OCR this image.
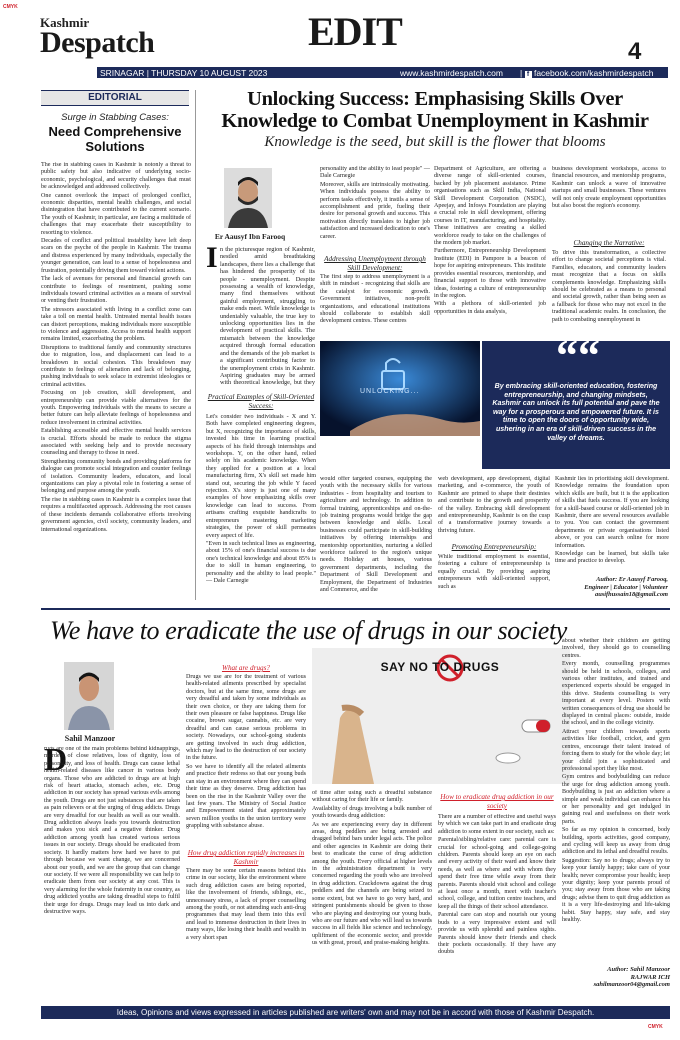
CMYK
Kashmir
Despatch	EDIT	4
SRINAGAR | THURSDAY 10 AUGUST 2023	www.kashmirdespatch.com | f facebook.com/kashmirdespatch
EDITORIAL
Surge in Stabbing Cases:
Need Comprehensive Solutions

The rise in stabbing cases in Kashmir is notonly a threat to public safety but also indicative of underlying socio-economic, psychological, and security challenges that must be acknowledged and addressed collectively.

One cannot overlook the impact of prolonged conflict, economic disparities, mental health challenges, and social disintegration that have contributed to the current scenario. The youth of Kashmir, in particular, are facing a multitude of challenges that may exacerbate their susceptibility to resorting to violence.

Decades of conflict and political instability have left deep scars on the psyche of the people in Kashmir. The trauma and distress experienced by many individuals, especially the younger generation, can lead to a sense of hopelessness and frustration, potentially driving them toward violent actions.

The lack of avenues for personal and financial growth can contribute to feelings of resentment, pushing some individuals toward criminal activities as a means of survival or venting their frustration.

The stressors associated with living in a conflict zone can take a toll on mental health. Untreated mental health issues can distort perceptions, making individuals more susceptible to violence and aggression. Access to mental health support remains limited, exacerbating the problem.

Disruptions to traditional family and community structures due to migration, loss, and displacement can lead to a breakdown in social cohesion. This breakdown may contribute to feelings of alienation and lack of belonging, pushing individuals to seek solace in extremist ideologies or criminal activities.

Focusing on job creation, skill development, and entrepreneurship can provide viable alternatives for the youth. Empowering individuals with the means to secure a better future can help alleviate feelings of hopelessness and reduce involvement in criminal activities.

Establishing accessible and effective mental health services is crucial. Efforts should be made to reduce the stigma associated with seeking help and to provide necessary counseling and therapy to those in need.

Strengthening community bonds and providing platforms for dialogue can promote social integration and counter feelings of isolation. Community leaders, educators, and local organizations can play a pivotal role in fostering a sense of belonging and purpose among the youth.

The rise in stabbing cases in Kashmir is a complex issue that requires a multifaceted approach. Addressing the root causes of these incidents demands collaborative efforts involving government agencies, civil society, community leaders, and international organizations.

Unlocking Success: Emphasising Skills Over Knowledge to Combat Unemployment in Kashmir
Knowledge is the seed, but skill is the flower that blooms
Er Aausyf Ibn Farooq
I n the picturesque region of Kashmir, nestled amid breathtaking landscapes, there lies a challenge that has hindered the prosperity of its people - unemployment. Despite possessing a wealth of knowledge, many find themselves without gainful employment, struggling to make ends meet. While knowledge is undeniably valuable, the true key to unlocking opportunities lies in the development of practical skills. The mismatch between the knowledge acquired through formal education and the demands of the job market is a significant contributing factor to the unemployment crisis in Kashmir. Aspiring graduates may be armed with theoretical knowledge, but they

Practical Examples of Skill-Oriented Success:

Let's consider two individuals - X and Y. Both have completed engineering degrees, but X, recognizing the importance of skills, invested his time in learning practical aspects of his field through internships and workshops. Y, on the other hand, relied solely on his academic knowledge. When they applied for a position at a local manufacturing firm, X's skill set made him stand out, securing the job while Y faced rejection. X's story is just one of many examples of how emphasizing skills over knowledge can lead to success. From artisans crafting exquisite handicrafts to entrepreneurs mastering marketing strategies, the power of skill permeates every aspect of life.

"Even in such technical lines as engineering, about 15% of one's financial success is due one's technical knowledge and about 85% is due to skill in human engineering, to personality and the ability to lead people." — Dale Carnegie

personality and the ability to lead people" — Dale Carnegie

Moreover, skills are intrinsically motivating. When individuals possess the ability to perform tasks effectively, it instils a sense of accomplishment and pride, fueling their desire for personal growth and success. This motivation directly translates to higher job satisfaction and increased dedication to one's career.

Addressing Unemployment through Skill Development:

The first step to address unemployment is a shift in mindset - recognizing that skills are the catalyst for economic growth. Government initiatives, non-profit organizations, and educational institutions should collaborate to establish skill development centres. These centres

Department of Agriculture, are offering a diverse range of skill-oriented courses, backed by job placement assistance. Prime organisations such as Skill India, National Skill Development Corporation (NSDC), Apeejay, and Infosys Foundation are playing a crucial role in skill development, offering courses in IT, manufacturing, and hospitality. These initiatives are creating a skilled workforce ready to take on the challenges of the modern job market.

Furthermore, Entrepreneurship Development Institute (EDI) in Pampore is a beacon of hope for aspiring entrepreneurs. This institute provides essential resources, mentorship, and financial support to those with innovative ideas, fostering a culture of entrepreneurship in the region.

With a plethora of skill-oriented job opportunities in data analysis,

business development workshops, access to financial resources, and mentorship programs, Kashmir can unlock a wave of innovative startups and small businesses. These ventures will not only create employment opportunities but also boost the region's economy.

Changing the Narrative:

To drive this transformation, a collective effort to change societal perceptions is vital. Families, educators, and community leaders must recognize that a focus on skills complements knowledge. Emphasizing skills should be celebrated as a means to personal and societal growth, rather than being seen as a fallback for those who may not excel in the traditional academic realm. In conclusion, the path to combating unemployment in

UNLOCKING...
““
By embracing skill-oriented education, fostering entrepreneurship, and changing mindsets, Kashmir can unlock its full potential and pave the way for a prosperous and empowered future. It is time to open the doors of opportunity wide, ushering in an era of skill-driven success in the valley of dreams.

would offer targeted courses, equipping the youth with the necessary skills for various industries - from hospitality and tourism to agriculture and technology. In addition to formal training, apprenticeships and on-the-job training programs would bridge the gap between knowledge and skills. Local businesses could participate in skill-building initiatives by offering internships and mentorship opportunities, nurturing a skilled workforce tailored to the region's unique needs. Holiday art houses, various government departments, including the Department of Skill Development and Employment, the Department of Industries and Commerce, and the

web development, app development, digital marketing, and e-commerce, the youth of Kashmir are primed to shape their destinies and contribute to the growth and prosperity of the valley. Embracing skill development and entrepreneurship, Kashmir is on the cusp of a transformative journey towards a thriving future.

Promoting Entrepreneurship:

While traditional employment is essential, fostering a culture of entrepreneurship is equally crucial. By providing aspiring entrepreneurs with skill-oriented support, such as

Kashmir lies in prioritising skill development. Knowledge remains the foundation upon which skills are built, but it is the application of skills that fuels success. If you are looking for a skill-based course or skill-oriented job in Kashmir, there are several resources available to you. You can contact the government departments or private organisations listed above, or you can search online for more information.

Knowledge can be learned, but skills take time and practice to develop.

Author: Er Aausyf Farooq,
Engineer | Educator | Volunteer
ausifhussain18@gmail.com
We have to eradicate the use of drugs in our society
Sahil Manzoor
D

rugs are one of the main problems behind kidnappings, murders of close relatives, loss of dignity, loss of personality, and loss of health. Drugs can cause lethal health-related diseases like cancer in various body organs. Those who are addicted to drugs are at high risk of heart attacks, stomach aches, etc. Drug addiction in our society has spread various evils among the youth. Drugs are not just substances that are taken as pain relievers or at the urging of drug addicts. Drugs are very dreadful for our health as well as our wealth. Drug addiction always leads you towards destruction and makes you sick and a negative thinker. Drug addiction among youth has created various serious issues in our society. Drugs should be eradicated from society. It hardly matters how hard we have to put through because we want change, we are concerned about our youth, and we are the group that can change our society. If we were all responsibility we can help to eradicate them from our society at any cost. This is very alarming for the whole fraternity in our country, as drug addicted youths are taking dreadful steps to fulfil their urge for drugs. Drugs may lead us into dark and destructive ways.

What are drugs?

Drugs we use are for the treatment of various health-related ailments prescribed by specialist doctors, but at the same time, some drugs are very dreadful and taken by some individuals as their own choice, or they are taking them for their own pleasure or false happiness. Drugs like cocaine, brown sugar, cannabis, etc. are very dreadful and can cause serious problems in society. Nowadays, our school-going students are getting involved in such drug addiction, which may lead to the destruction of our society in the future.

So we have to identify all the related ailments and practice their redress so that our young buds can stay in an environment where they can spend their time as they deserve. Drug addiction has been on the rise in the Kashmir Valley over the last few years. The Ministry of Social Justice and Empowerment stated that approximately seven million youths in the union territory were grappling with substance abuse.

How drug addiction rapidly increases in Kashmir

There may be some certain reasons behind this crime in our society, like the environment where such drug addiction cases are being reported, like the involvement of friends, siblings, etc., unnecessary stress, a lack of proper counselling among the youth, or not attending such anti-drug programmes that may lead them into this evil and lead to immense destruction in their lives in many ways, like losing their health and wealth in a very short span

SAY NO TO DRUGS

of time after using such a dreadful substance without caring for their life or family.

Availability of drugs involving a bulk number of youth towards drug addiction:

As we are experiencing every day in different areas, drug peddlers are being arrested and dragged behind bars under legal acts. The police and other agencies in Kashmir are doing their best to eradicate the curse of drug addiction among the youth. Every official at higher levels in the administration department is very concerned regarding the youth who are involved in drug addiction. Crackdowns against the drug peddlers and the channels are being seized to some extent, but we have to go very hard, and stringent punishments should be given to those who are playing and destroying our young buds, who are our future and who will lead us towards success in all fields like science and technology, upliftment of the economic sector, and provide us with great, proud, and praise-making heights.

How to eradicate drug addiction in our society

There are a number of effective and useful ways by which we can take part in and eradicate drug addiction to some extent in our society, such as:

Parental/sibling/relative care: parental care is crucial for school-going and college-going children. Parents should keep an eye on each and every activity of their ward and know their needs, as well as where and with whom they spend their free time while away from their parents. Parents should visit school and college at least once a month, meet with teacher's school, college, and tuition centre teachers, and keep all the things of their school attendance.

Parental care can stop and nourish our young buds to a very impressive extent and will provide us with splendid and painless sights. Parents should know their friends and check their pockets occasionally. If they have any doubts

about whether their children are getting involved, they should go to counselling centres.

Every month, counselling programmes should be held in schools, colleges, and various other institutes, and trained and experienced experts should be engaged in this drive. Students counselling is very important at every level. Posters with written consequences of drug use should be displayed in central places: outside, inside the school, and in the college vicinity.

Attract your children towards sports activities like football, cricket, and gym centres, encourage their talent instead of forcing them to study for the whole day; let your child join a sophisticated and professional sport they like most.

Gym centres and bodybuilding can reduce the urge for drug addiction among youth. Bodybuilding is just an addiction where a simple and weak individual can enhance his or her personality and get indulged in gaining real and usefulness on their work parts.

So far as my opinion is concerned, body building, sports activities, good company, and cycling will keep us away from drug addiction and its lethal and dreadful results.

Suggestion: Say no to drugs; always try to keep your family happy; take care of your health; never compromise your health; keep your dignity; keep your parents proud of you; stay away from those who are taking drugs; advise them to quit drug addiction as it is a very life-destroying and life-taking habit. Stay happy, stay safe, and stay healthy.

Author: Sahil Manzoor
RAJWAR ICH
sahilmanzoor04@gmail.com
Ideas, Opinions and views expressed in articles published are writers' own and may not be in accord with those of Kashmir Despatch.
CMYK
